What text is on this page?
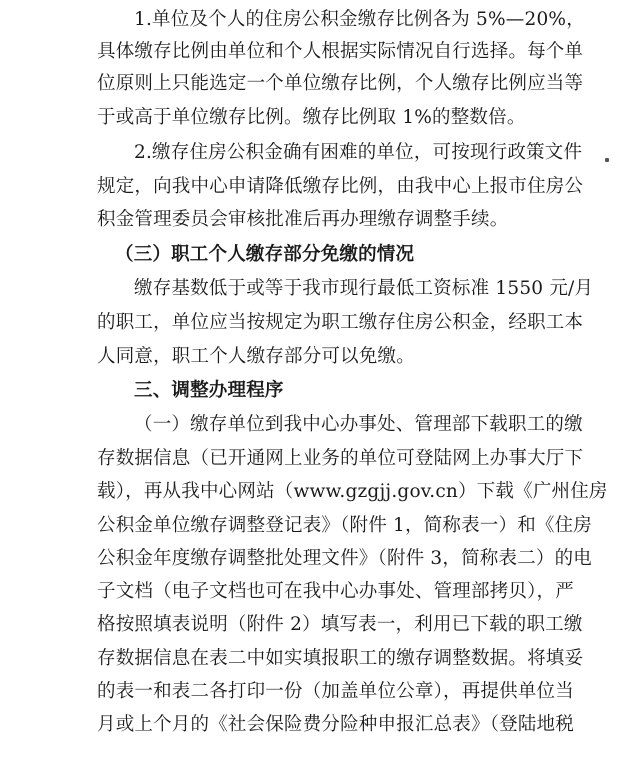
1.单位及个人的住房公积金缴存比例各为 5%—20%，
具体缴存比例由单位和个人根据实际情况自行选择。每个单
位原则上只能选定一个单位缴存比例，个人缴存比例应当等
于或高于单位缴存比例。缴存比例取 1%的整数倍。
2.缴存住房公积金确有困难的单位，可按现行政策文件
规定，向我中心申请降低缴存比例，由我中心上报市住房公
积金管理委员会审核批准后再办理缴存调整手续。
（三）职工个人缴存部分免缴的情况
缴存基数低于或等于我市现行最低工资标准 1550 元/月
的职工，单位应当按规定为职工缴存住房公积金，经职工本
人同意，职工个人缴存部分可以免缴。
三、调整办理程序
（一）缴存单位到我中心办事处、管理部下载职工的缴
存数据信息（已开通网上业务的单位可登陆网上办事大厅下
载），再从我中心网站（www.gzgjj.gov.cn）下载《广州住房
公积金单位缴存调整登记表》（附件 1，简称表一）和《住房
公积金年度缴存调整批处理文件》（附件 3，简称表二）的电
子文档（电子文档也可在我中心办事处、管理部拷贝），严
格按照填表说明（附件 2）填写表一，利用已下载的职工缴
存数据信息在表二中如实填报职工的缴存调整数据。将填妥
的表一和表二各打印一份（加盖单位公章），再提供单位当
月或上个月的《社会保险费分险种申报汇总表》（登陆地税
